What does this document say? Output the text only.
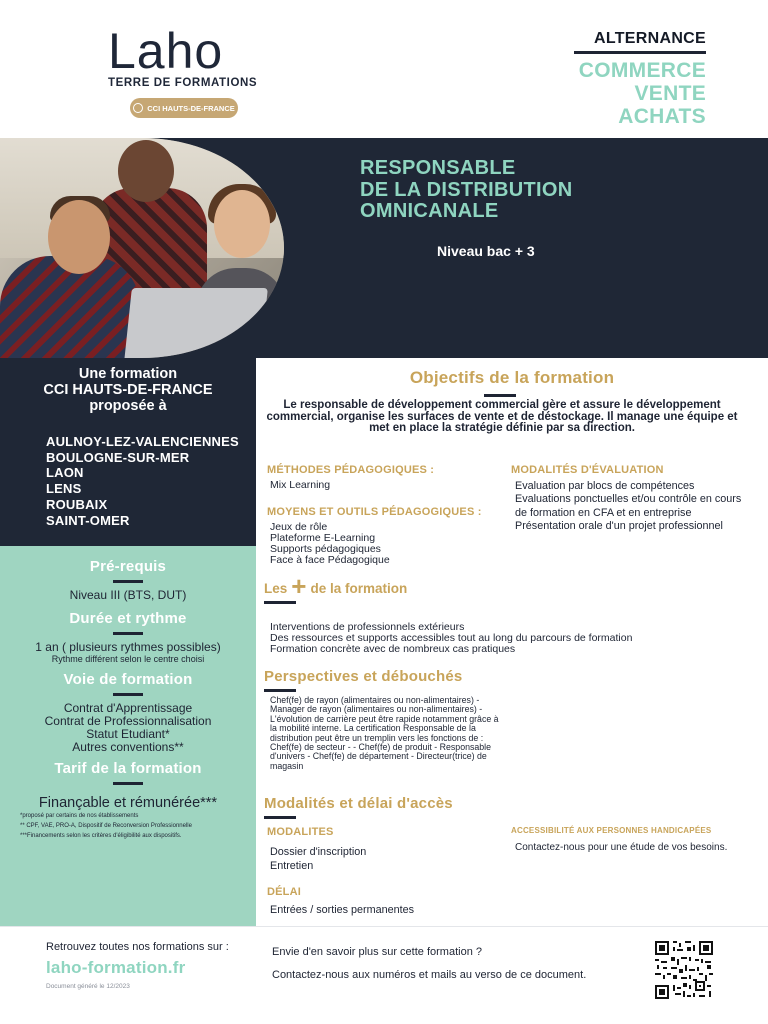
Laho
TERRE DE FORMATIONS
CCI HAUTS-DE-FRANCE
ALTERNANCE
COMMERCE
VENTE
ACHATS
RESPONSABLE
DE LA DISTRIBUTION
OMNICANALE
Niveau bac + 3
Une formation
CCI HAUTS-DE-FRANCE
proposée à
AULNOY-LEZ-VALENCIENNES
BOULOGNE-SUR-MER
LAON
LENS
ROUBAIX
SAINT-OMER
Pré-requis
Niveau III (BTS, DUT)
Durée et rythme
1 an ( plusieurs rythmes possibles)
Rythme différent selon le centre choisi
Voie de formation
Contrat d'Apprentissage
Contrat de Professionnalisation
Statut Etudiant*
Autres conventions**
Tarif de la formation
Finançable et rémunérée***
*proposé par certains de nos établissements
** CPF, VAE, PRO-A, Dispositif de Reconversion Professionnelle
***Financements selon les critères d'éligibilité aux dispositifs.
Objectifs de la formation
Le responsable de développement commercial gère et assure le développement commercial, organise les surfaces de vente et de déstockage. Il manage une équipe et met en place la stratégie définie par sa direction.
MÉTHODES PÉDAGOGIQUES :
Mix Learning
MOYENS ET OUTILS PÉDAGOGIQUES :
Jeux de rôle
Plateforme E-Learning
Supports pédagogiques
Face à face Pédagogique
MODALITÉS D'ÉVALUATION
Evaluation par blocs de compétences
Evaluations ponctuelles et/ou contrôle en cours de formation en CFA et en entreprise
Présentation orale d'un projet professionnel
Les + de la formation
Interventions de professionnels extérieurs
Des ressources et supports accessibles tout au long du parcours de formation
Formation concrète avec de nombreux cas pratiques
Perspectives et débouchés
Chef(fe) de rayon (alimentaires ou non-alimentaires) - Manager de rayon (alimentaires ou non-alimentaires) - L'évolution de carrière peut être rapide notamment grâce à la mobilité interne. La certification Responsable de la distribution peut être un tremplin vers les fonctions de : Chef(fe) de secteur - - Chef(fe) de produit - Responsable d'univers - Chef(fe) de département - Directeur(trice) de magasin
Modalités et délai d'accès
MODALITES
Dossier d'inscription
Entretien
DÉLAI
Entrées / sorties permanentes
ACCESSIBILITÉ AUX PERSONNES HANDICAPÉES
Contactez-nous pour une étude de vos besoins.
Retrouvez toutes nos formations sur :
laho-formation.fr
Document généré le 12/2023
Envie d'en savoir plus sur cette formation ?
Contactez-nous aux numéros et mails au verso de ce document.
